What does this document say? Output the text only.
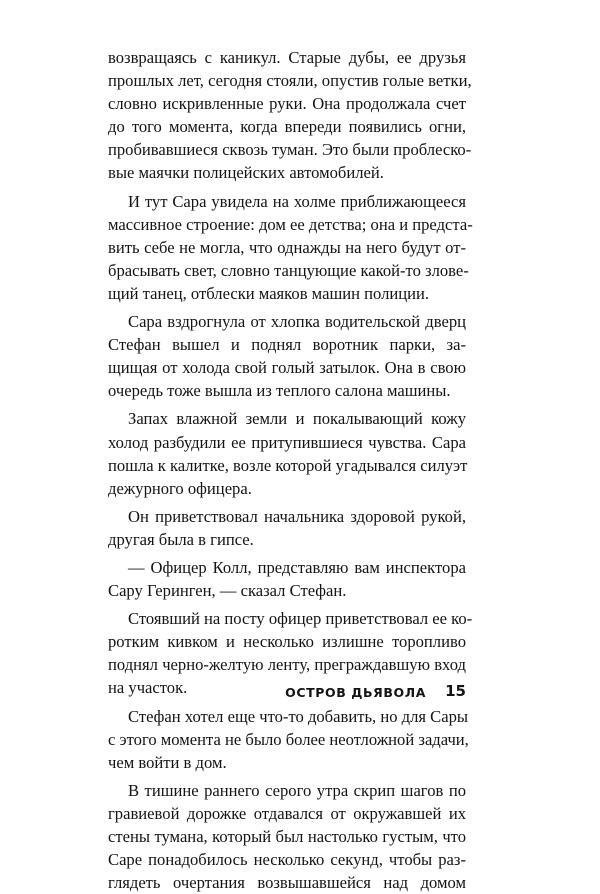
возвращаясь с каникул. Старые дубы, ее друзья
прошлых лет, сегодня стояли, опустив голые ветки,
словно искривленные руки. Она продолжала счет
до того момента, когда впереди появились огни,
пробивавшиеся сквозь туман. Это были проблеско-
вые маячки полицейских автомобилей.

И тут Сара увидела на холме приближающееся
массивное строение: дом ее детства; она и предста-
вить себе не могла, что однажды на него будут от-
брасывать свет, словно танцующие какой-то злове-
щий танец, отблески маяков машин полиции.

Сара вздрогнула от хлопка водительской дверц
Стефан вышел и поднял воротник парки, за-
щищая от холода свой голый затылок. Она в свою
очередь тоже вышла из теплого салона машины.

Запах влажной земли и покалывающий кожу
холод разбудили ее притупившиеся чувства. Сара
пошла к калитке, возле которой угадывался силуэт
дежурного офицера.

Он приветствовал начальника здоровой рукой,
другая была в гипсе.

— Офицер Колл, представляю вам инспектора
Сару Геринген, — сказал Стефан.

Стоявший на посту офицер приветствовал ее ко-
ротким кивком и несколько излишне торопливо
поднял черно-желтую ленту, преграждавшую вход
на участок.

Стефан хотел еще что-то добавить, но для Сары
с этого момента не было более неотложной задачи,
чем войти в дом.

В тишине раннего серого утра скрип шагов по
гравиевой дорожке отдавался от окружавшей их
стены тумана, который был настолько густым, что
Саре понадобилось несколько секунд, чтобы раз-
глядеть очертания возвышавшейся над домом

ОСТРОВ ДЬЯВОЛА 15
